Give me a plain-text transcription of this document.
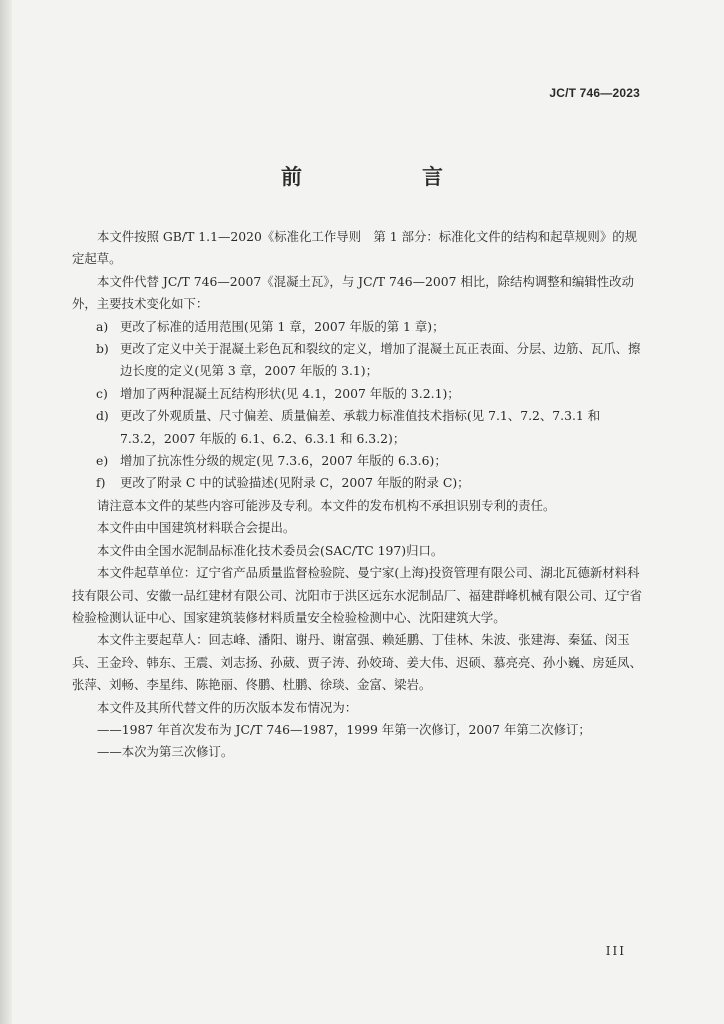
JC/T 746—2023
前　　言
本文件按照 GB/T 1.1—2020《标准化工作导则　第 1 部分：标准化文件的结构和起草规则》的规定起草。
本文件代替 JC/T 746—2007《混凝土瓦》，与 JC/T 746—2007 相比，除结构调整和编辑性改动外，主要技术变化如下：
a) 更改了标准的适用范围(见第 1 章，2007 年版的第 1 章)；
b) 更改了定义中关于混凝土彩色瓦和裂纹的定义，增加了混凝土瓦正表面、分层、边筋、瓦爪、擦边长度的定义(见第 3 章，2007 年版的 3.1)；
c) 增加了两种混凝土瓦结构形状(见 4.1，2007 年版的 3.2.1)；
d) 更改了外观质量、尺寸偏差、质量偏差、承载力标准值技术指标(见 7.1、7.2、7.3.1 和 7.3.2，2007 年版的 6.1、6.2、6.3.1 和 6.3.2)；
e) 增加了抗冻性分级的规定(见 7.3.6，2007 年版的 6.3.6)；
f) 更改了附录 C 中的试验描述(见附录 C，2007 年版的附录 C)；
请注意本文件的某些内容可能涉及专利。本文件的发布机构不承担识别专利的责任。
本文件由中国建筑材料联合会提出。
本文件由全国水泥制品标准化技术委员会(SAC/TC 197)归口。
本文件起草单位：辽宁省产品质量监督检验院、曼宁家(上海)投资管理有限公司、湖北瓦德新材料科技有限公司、安徽一品红建材有限公司、沈阳市于洪区远东水泥制品厂、福建群峰机械有限公司、辽宁省检验检测认证中心、国家建筑装修材料质量安全检验检测中心、沈阳建筑大学。
本文件主要起草人：回志峰、潘阳、谢丹、谢富强、赖延鹏、丁佳林、朱波、张建海、秦猛、闵玉兵、王金玲、韩东、王震、刘志扬、孙葳、贾子涛、孙姣琦、姜大伟、迟硕、慕亮亮、孙小巍、房延凤、张萍、刘畅、李星纬、陈艳丽、佟鹏、杜鹏、徐琰、金富、梁岩。
本文件及其所代替文件的历次版本发布情况为：
——1987 年首次发布为 JC/T 746—1987，1999 年第一次修订，2007 年第二次修订；
——本次为第三次修订。
III
